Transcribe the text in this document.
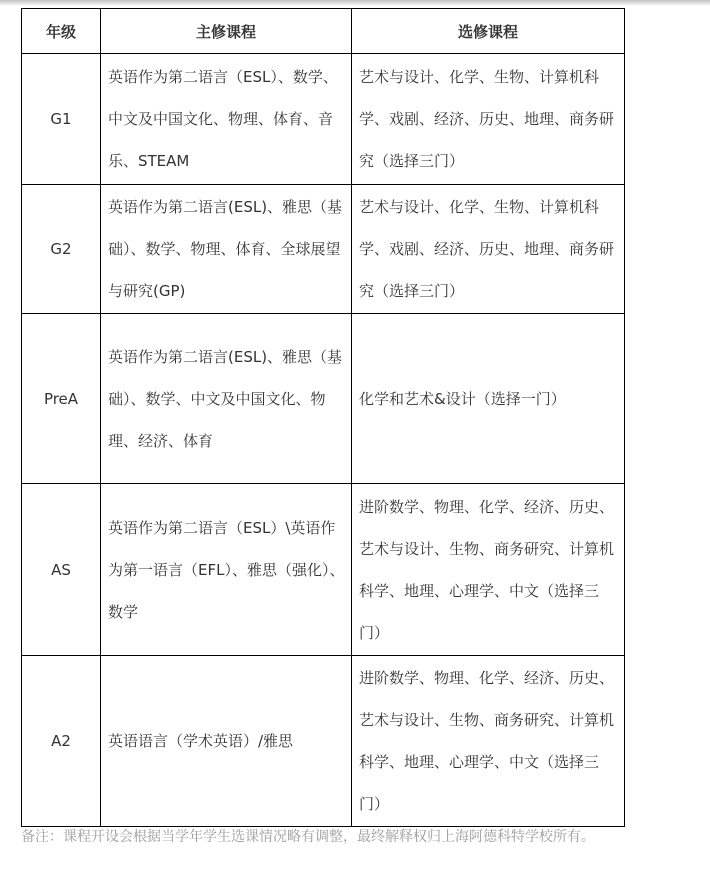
年级	主修课程	选修课程
G1	英语作为第二语言（ESL）、数学、中文及中国文化、物理、体育、音乐、STEAM	艺术与设计、化学、生物、计算机科学、戏剧、经济、历史、地理、商务研究（选择三门）
G2	英语作为第二语言(ESL)、雅思（基础）、数学、物理、体育、全球展望与研究(GP)	艺术与设计、化学、生物、计算机科学、戏剧、经济、历史、地理、商务研究（选择三门）
PreA	英语作为第二语言(ESL)、雅思（基础）、数学、中文及中国文化、物理、经济、体育	化学和艺术&设计（选择一门）
AS	英语作为第二语言（ESL）\英语作为第一语言（EFL）、雅思（强化）、数学	进阶数学、物理、化学、经济、历史、艺术与设计、生物、商务研究、计算机科学、地理、心理学、中文（选择三门）
A2	英语语言（学术英语）/雅思	进阶数学、物理、化学、经济、历史、艺术与设计、生物、商务研究、计算机科学、地理、心理学、中文（选择三门）
备注：课程开设会根据当学年学生选课情况略有调整，最终解释权归上海阿德科特学校所有。
